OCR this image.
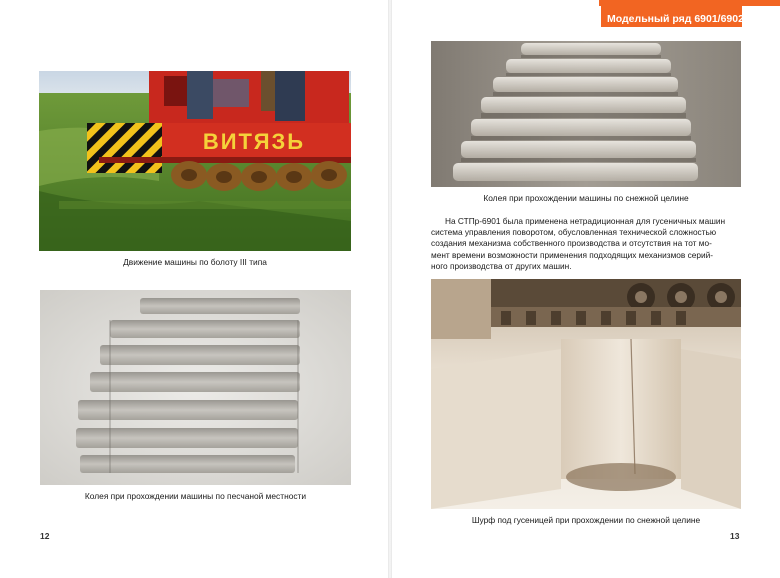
Модельный ряд 6901/6902
ВИТЯЗЬ
Движение машины по болоту III типа
Колея при прохождении машины по песчаной местности
12
Колея при прохождении машины по снежной целине
На СТПр-6901 была применена нетрадиционная для гусеничных машин
система управления поворотом, обусловленная технической сложностью
создания механизма собственного производства и отсутствия на тот мо-
мент времени возможности применения подходящих механизмов серий-
ного производства от других машин.
Шурф под гусеницей при прохождении по снежной целине
13
